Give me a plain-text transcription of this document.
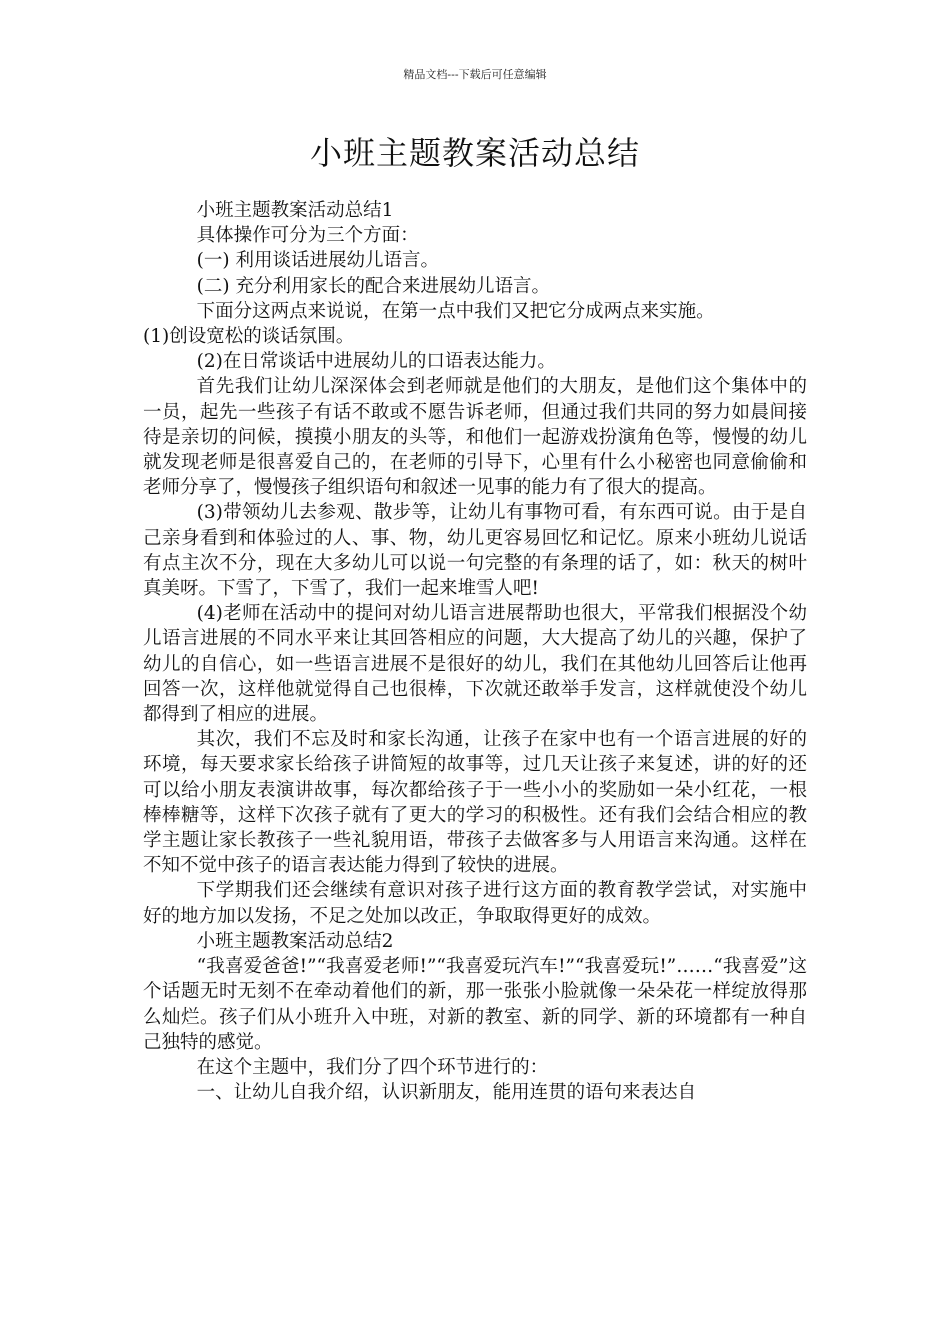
精品文档---下载后可任意编辑
小班主题教案活动总结

小班主题教案活动总结1

具体操作可分为三个方面：

(一) 利用谈话进展幼儿语言。

(二) 充分利用家长的配合来进展幼儿语言。

下面分这两点来说说，在第一点中我们又把它分成两点来实施。

(1)创设宽松的谈话氛围。

(2)在日常谈话中进展幼儿的口语表达能力。

首先我们让幼儿深深体会到老师就是他们的大朋友，是他们这个集体中的一员，起先一些孩子有话不敢或不愿告诉老师，但通过我们共同的努力如晨间接待是亲切的问候，摸摸小朋友的头等，和他们一起游戏扮演角色等，慢慢的幼儿就发现老师是很喜爱自己的，在老师的引导下，心里有什么小秘密也同意偷偷和老师分享了，慢慢孩子组织语句和叙述一见事的能力有了很大的提高。

(3)带领幼儿去参观、散步等，让幼儿有事物可看，有东西可说。由于是自己亲身看到和体验过的人、事、物，幼儿更容易回忆和记忆。原来小班幼儿说话有点主次不分，现在大多幼儿可以说一句完整的有条理的话了，如：秋天的树叶真美呀。下雪了，下雪了，我们一起来堆雪人吧!

(4)老师在活动中的提问对幼儿语言进展帮助也很大，平常我们根据没个幼儿语言进展的不同水平来让其回答相应的问题，大大提高了幼儿的兴趣，保护了幼儿的自信心，如一些语言进展不是很好的幼儿，我们在其他幼儿回答后让他再回答一次，这样他就觉得自己也很棒，下次就还敢举手发言，这样就使没个幼儿都得到了相应的进展。

其次，我们不忘及时和家长沟通，让孩子在家中也有一个语言进展的好的环境，每天要求家长给孩子讲简短的故事等，过几天让孩子来复述，讲的好的还可以给小朋友表演讲故事，每次都给孩子于一些小小的奖励如一朵小红花，一根棒棒糖等，这样下次孩子就有了更大的学习的积极性。还有我们会结合相应的教学主题让家长教孩子一些礼貌用语，带孩子去做客多与人用语言来沟通。这样在不知不觉中孩子的语言表达能力得到了较快的进展。

下学期我们还会继续有意识对孩子进行这方面的教育教学尝试，对实施中好的地方加以发扬，不足之处加以改正，争取取得更好的成效。

小班主题教案活动总结2

“我喜爱爸爸!”“我喜爱老师!”“我喜爱玩汽车!”“我喜爱玩!”……“我喜爱”这个话题无时无刻不在牵动着他们的新，那一张张小脸就像一朵朵花一样绽放得那么灿烂。孩子们从小班升入中班，对新的教室、新的同学、新的环境都有一种自己独特的感觉。

在这个主题中，我们分了四个环节进行的：

一、让幼儿自我介绍，认识新朋友，能用连贯的语句来表达自
